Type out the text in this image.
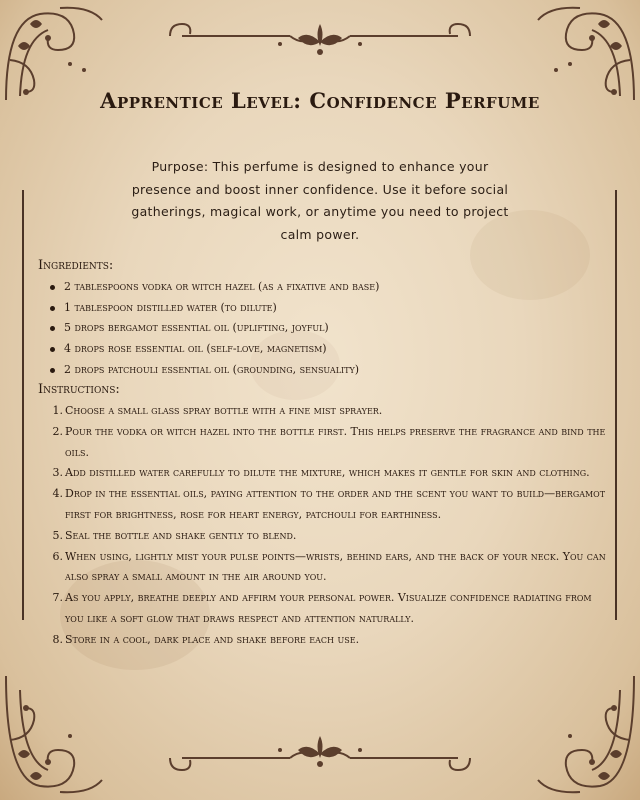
Apprentice Level: Confidence Perfume

Purpose: This perfume is designed to enhance your presence and boost inner confidence. Use it before social gatherings, magical work, or anytime you need to project calm power.

Ingredients:
2 tablespoons vodka or witch hazel (as a fixative and base)
1 tablespoon distilled water (to dilute)
5 drops bergamot essential oil (uplifting, joyful)
4 drops rose essential oil (self-love, magnetism)
2 drops patchouli essential oil (grounding, sensuality)
Instructions:
1. Choose a small glass spray bottle with a fine mist sprayer.
2. Pour the vodka or witch hazel into the bottle first. This helps preserve the fragrance and bind the oils.
3. Add distilled water carefully to dilute the mixture, which makes it gentle for skin and clothing.
4. Drop in the essential oils, paying attention to the order and the scent you want to build—bergamot first for brightness, rose for heart energy, patchouli for earthiness.
5. Seal the bottle and shake gently to blend.
6. When using, lightly mist your pulse points—wrists, behind ears, and the back of your neck. You can also spray a small amount in the air around you.
7. As you apply, breathe deeply and affirm your personal power. Visualize confidence radiating from you like a soft glow that draws respect and attention naturally.
8. Store in a cool, dark place and shake before each use.
